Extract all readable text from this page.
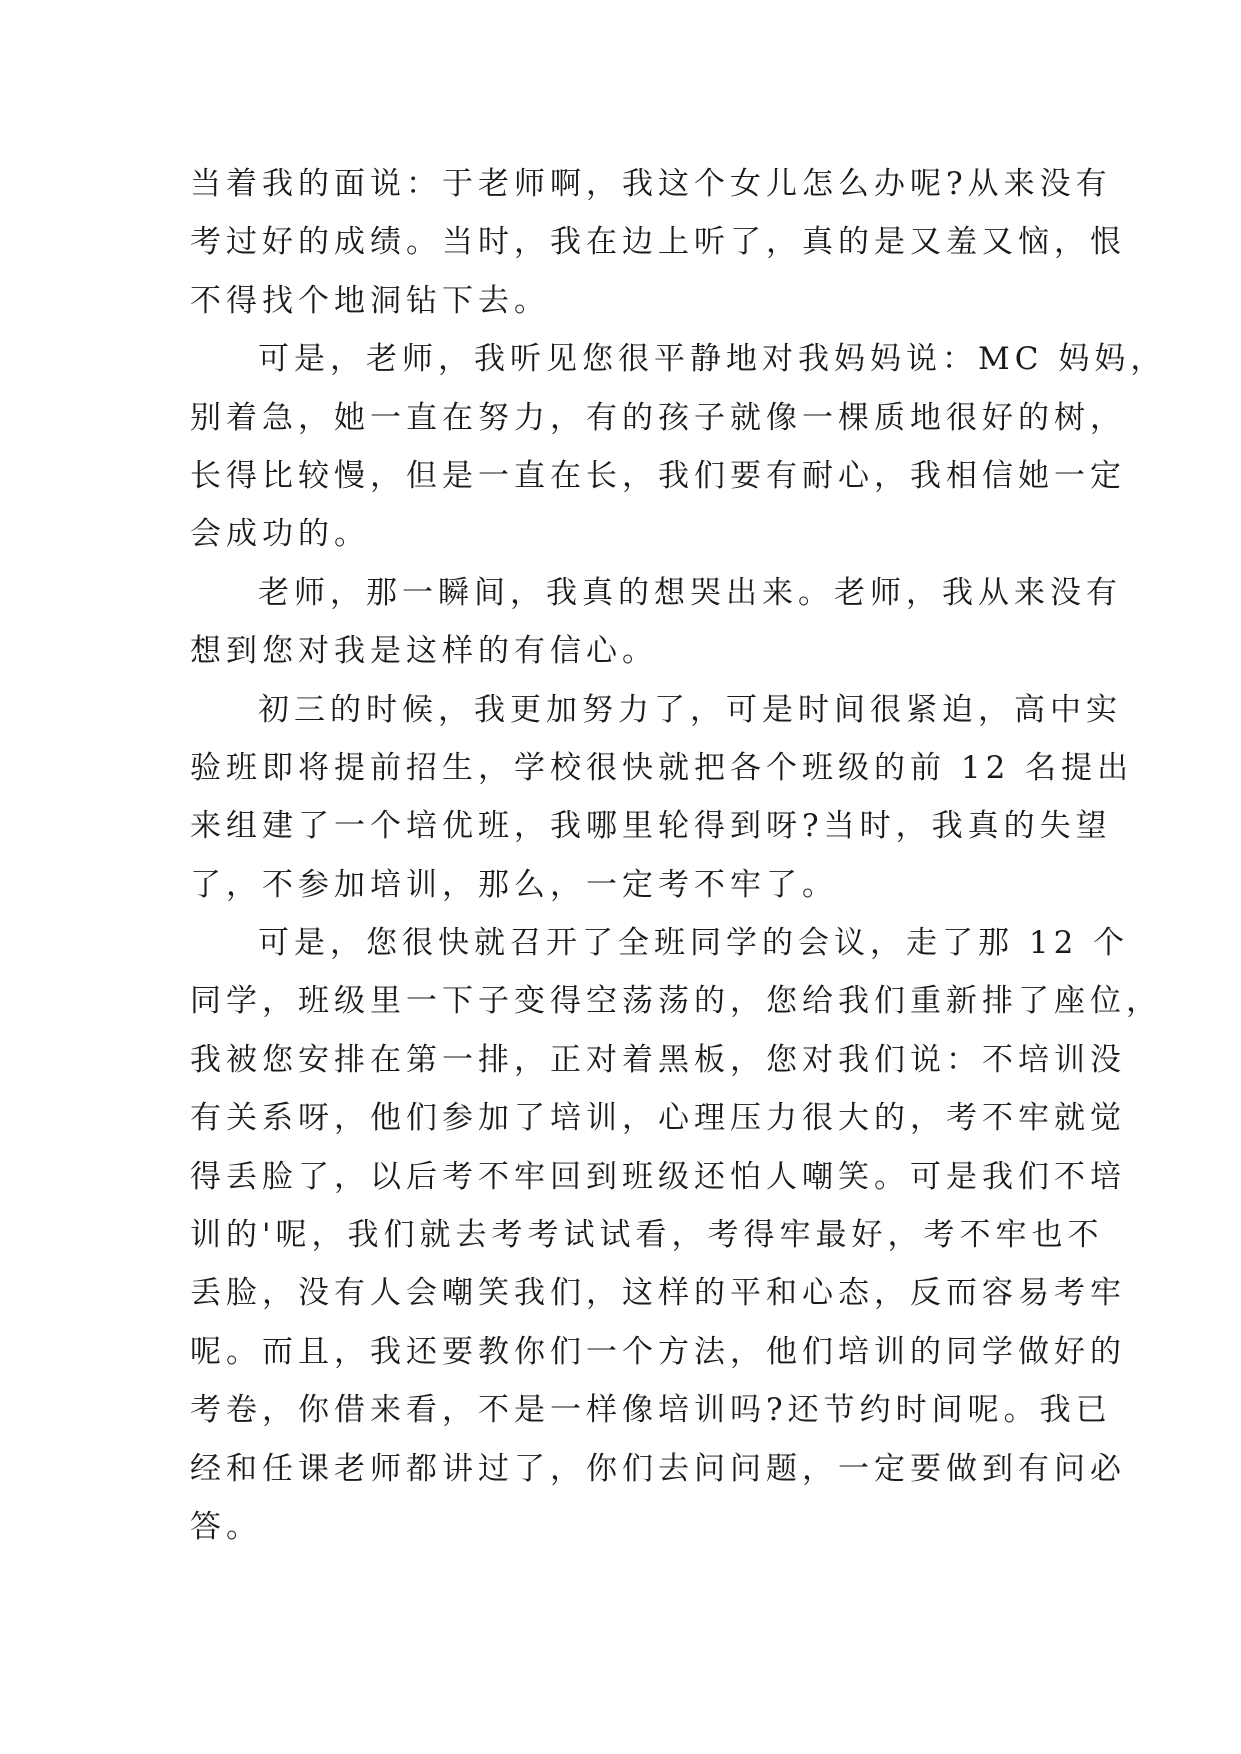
当着我的面说：于老师啊，我这个女儿怎么办呢?从来没有
考过好的成绩。当时，我在边上听了，真的是又羞又恼，恨
不得找个地洞钻下去。
可是，老师，我听见您很平静地对我妈妈说：MC 妈妈，
别着急，她一直在努力，有的孩子就像一棵质地很好的树，
长得比较慢，但是一直在长，我们要有耐心，我相信她一定
会成功的。
老师，那一瞬间，我真的想哭出来。老师，我从来没有
想到您对我是这样的有信心。
初三的时候，我更加努力了，可是时间很紧迫，高中实
验班即将提前招生，学校很快就把各个班级的前 12 名提出
来组建了一个培优班，我哪里轮得到呀?当时，我真的失望
了，不参加培训，那么，一定考不牢了。
可是，您很快就召开了全班同学的会议，走了那 12 个
同学，班级里一下子变得空荡荡的，您给我们重新排了座位，
我被您安排在第一排，正对着黑板，您对我们说：不培训没
有关系呀，他们参加了培训，心理压力很大的，考不牢就觉
得丢脸了，以后考不牢回到班级还怕人嘲笑。可是我们不培
训的'呢，我们就去考考试试看，考得牢最好，考不牢也不
丢脸，没有人会嘲笑我们，这样的平和心态，反而容易考牢
呢。而且，我还要教你们一个方法，他们培训的同学做好的
考卷，你借来看，不是一样像培训吗?还节约时间呢。我已
经和任课老师都讲过了，你们去问问题，一定要做到有问必
答。
